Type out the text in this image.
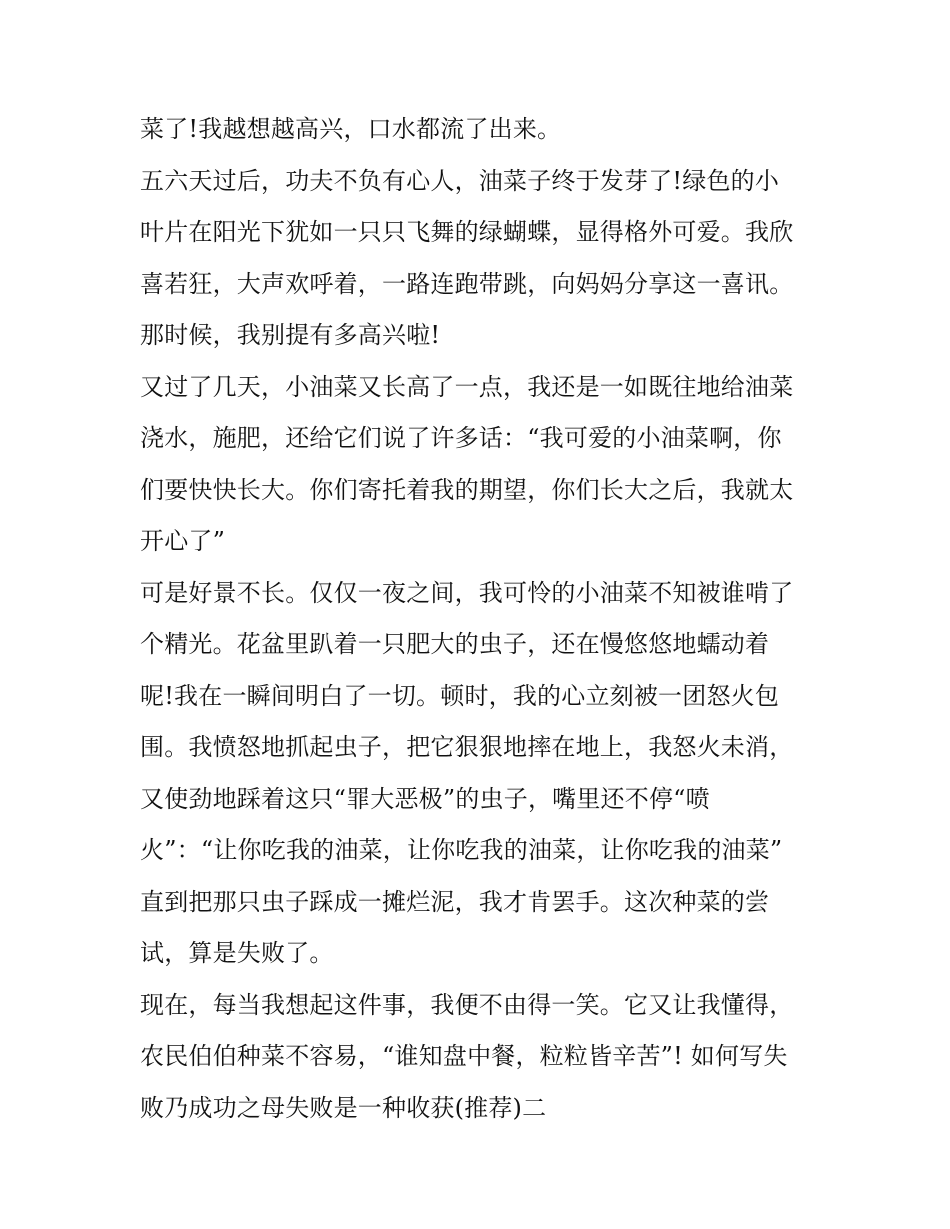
菜了!我越想越高兴，口水都流了出来。
五六天过后，功夫不负有心人，油菜子终于发芽了!绿色的小
叶片在阳光下犹如一只只飞舞的绿蝴蝶，显得格外可爱。我欣
喜若狂，大声欢呼着，一路连跑带跳，向妈妈分享这一喜讯。
那时候，我别提有多高兴啦!
又过了几天，小油菜又长高了一点，我还是一如既往地给油菜
浇水，施肥，还给它们说了许多话：“我可爱的小油菜啊，你
们要快快长大。你们寄托着我的期望，你们长大之后，我就太
开心了”
可是好景不长。仅仅一夜之间，我可怜的小油菜不知被谁啃了
个精光。花盆里趴着一只肥大的虫子，还在慢悠悠地蠕动着
呢!我在一瞬间明白了一切。顿时，我的心立刻被一团怒火包
围。我愤怒地抓起虫子，把它狠狠地摔在地上，我怒火未消，
又使劲地踩着这只“罪大恶极”的虫子，嘴里还不停“喷
火”：“让你吃我的油菜，让你吃我的油菜，让你吃我的油菜”
直到把那只虫子踩成一摊烂泥，我才肯罢手。这次种菜的尝
试，算是失败了。
现在，每当我想起这件事，我便不由得一笑。它又让我懂得，
农民伯伯种菜不容易，“谁知盘中餐，粒粒皆辛苦”! 如何写失
败乃成功之母失败是一种收获(推荐)二
